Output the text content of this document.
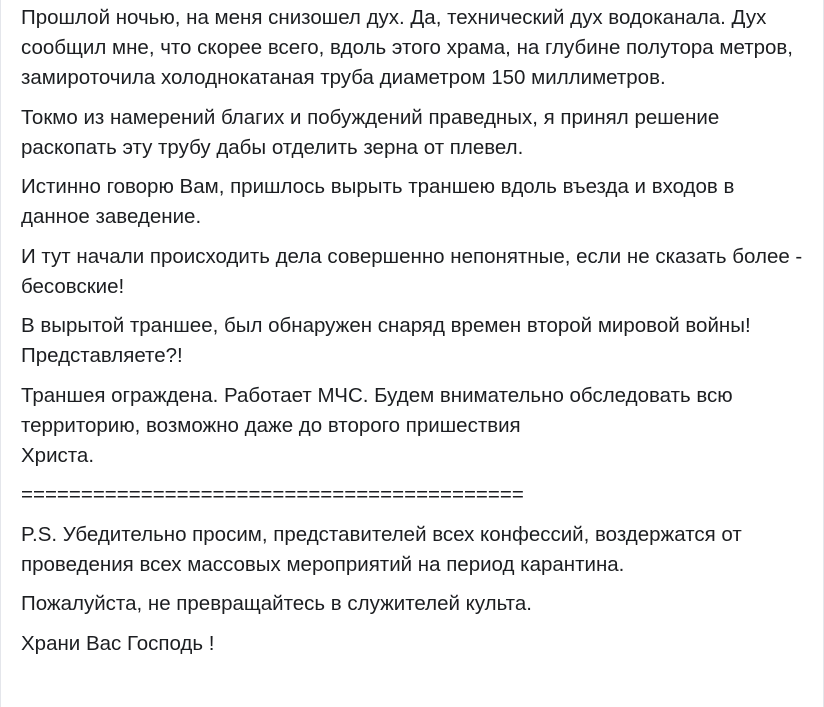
Прошлой ночью, на меня снизошел дух. Да, технический дух водоканала. Дух сообщил мне, что скорее всего, вдоль этого храма, на глубине полутора метров, замироточила холоднокатаная труба диаметром 150 миллиметров.

Токмо из намерений благих и побуждений праведных, я принял решение раскопать эту трубу дабы отделить зерна от плевел.

Истинно говорю Вам, пришлось вырыть траншею вдоль въезда и входов в данное заведение.

И тут начали происходить дела совершенно непонятные, если не сказать более - бесовские!

В вырытой траншее, был обнаружен снаряд времен второй мировой войны! Представляете?!

Траншея ограждена. Работает МЧС. Будем внимательно обследовать всю территорию, возможно даже до второго пришествия
Христа.

==========================================

P.S. Убедительно просим, представителей всех конфессий, воздержатся от проведения всех массовых мероприятий на период карантина.

Пожалуйста, не превращайтесь в служителей культа.

Храни Вас Господь !
